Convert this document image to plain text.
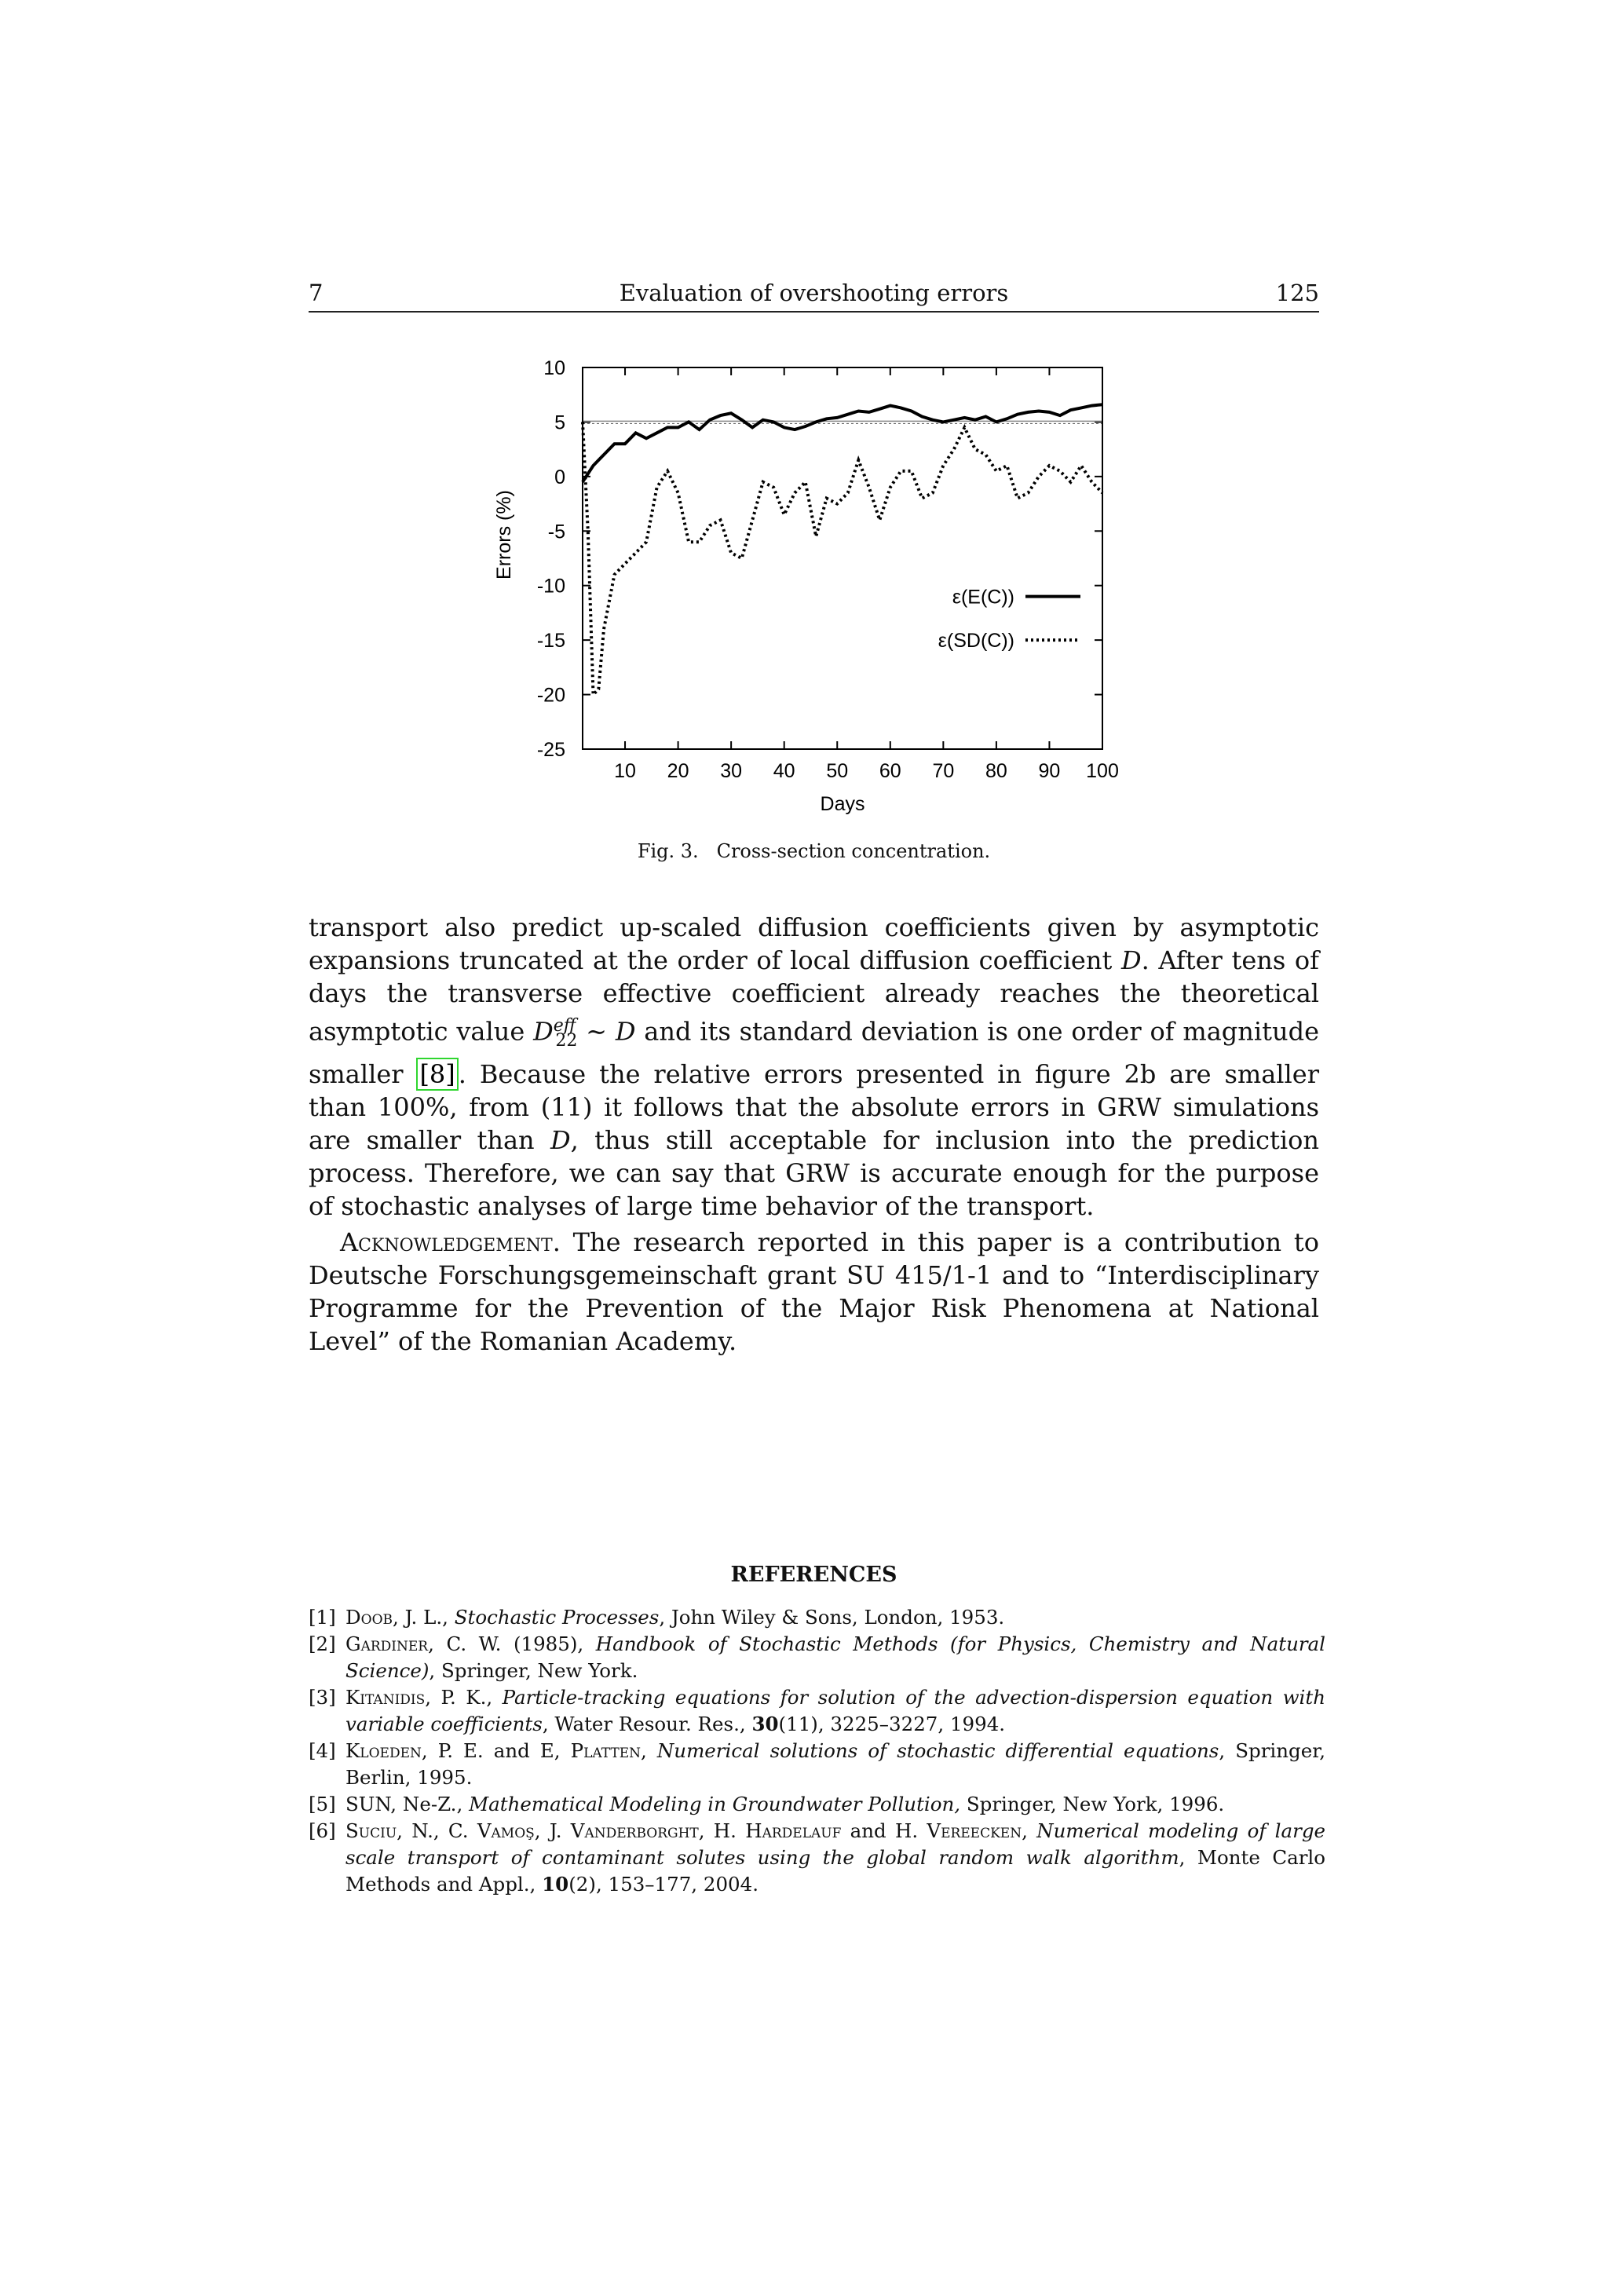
7	Evaluation of overshooting errors	125
10
5
0
-5
-10
-15
-20
-25
10 20 30 40 50 60 70 80 90 100
ε(E(C))
ε(SD(C))
Days
Errors (%)
Fig. 3. Cross-section concentration.

transport also predict up-scaled diffusion coefficients given by asymptotic expansions truncated at the order of local diffusion coefficient D. After tens of days the transverse effective coefficient already reaches the theoretical asymptotic value $D^{eff}_{22}$ ∼ D and its standard deviation is one order of magnitude smaller [8] . Because the relative errors presented in figure 2b are smaller than 100%, from (11) it follows that the absolute errors in GRW simulations are smaller than D, thus still acceptable for inclusion into the prediction process. Therefore, we can say that GRW is accurate enough for the purpose of stochastic analyses of large time behavior of the transport.

Acknowledgement. The research reported in this paper is a contribution to Deutsche Forschungsgemeinschaft grant SU 415/1-1 and to “Interdisciplinary Programme for the Prevention of the Major Risk Phenomena at National Level” of the Romanian Academy.

REFERENCES
[1] Doob, J. L., Stochastic Processes, John Wiley & Sons, London, 1953.
[2] Gardiner, C. W. (1985), Handbook of Stochastic Methods (for Physics, Chemistry and Natural Science), Springer, New York.
[3] Kitanidis, P. K., Particle-tracking equations for solution of the advection-dispersion equation with variable coefficients, Water Resour. Res., 30(11), 3225–3227, 1994.
[4] Kloeden, P. E. and E, Platten, Numerical solutions of stochastic differential equations, Springer, Berlin, 1995.
[5] SUN, Ne-Z., Mathematical Modeling in Groundwater Pollution, Springer, New York, 1996.
[6] Suciu, N., C. Vamoş, J. Vanderborght, H. Hardelauf and H. Vereecken, Numerical modeling of large scale transport of contaminant solutes using the global random walk algorithm, Monte Carlo Methods and Appl., 10(2), 153–177, 2004.
